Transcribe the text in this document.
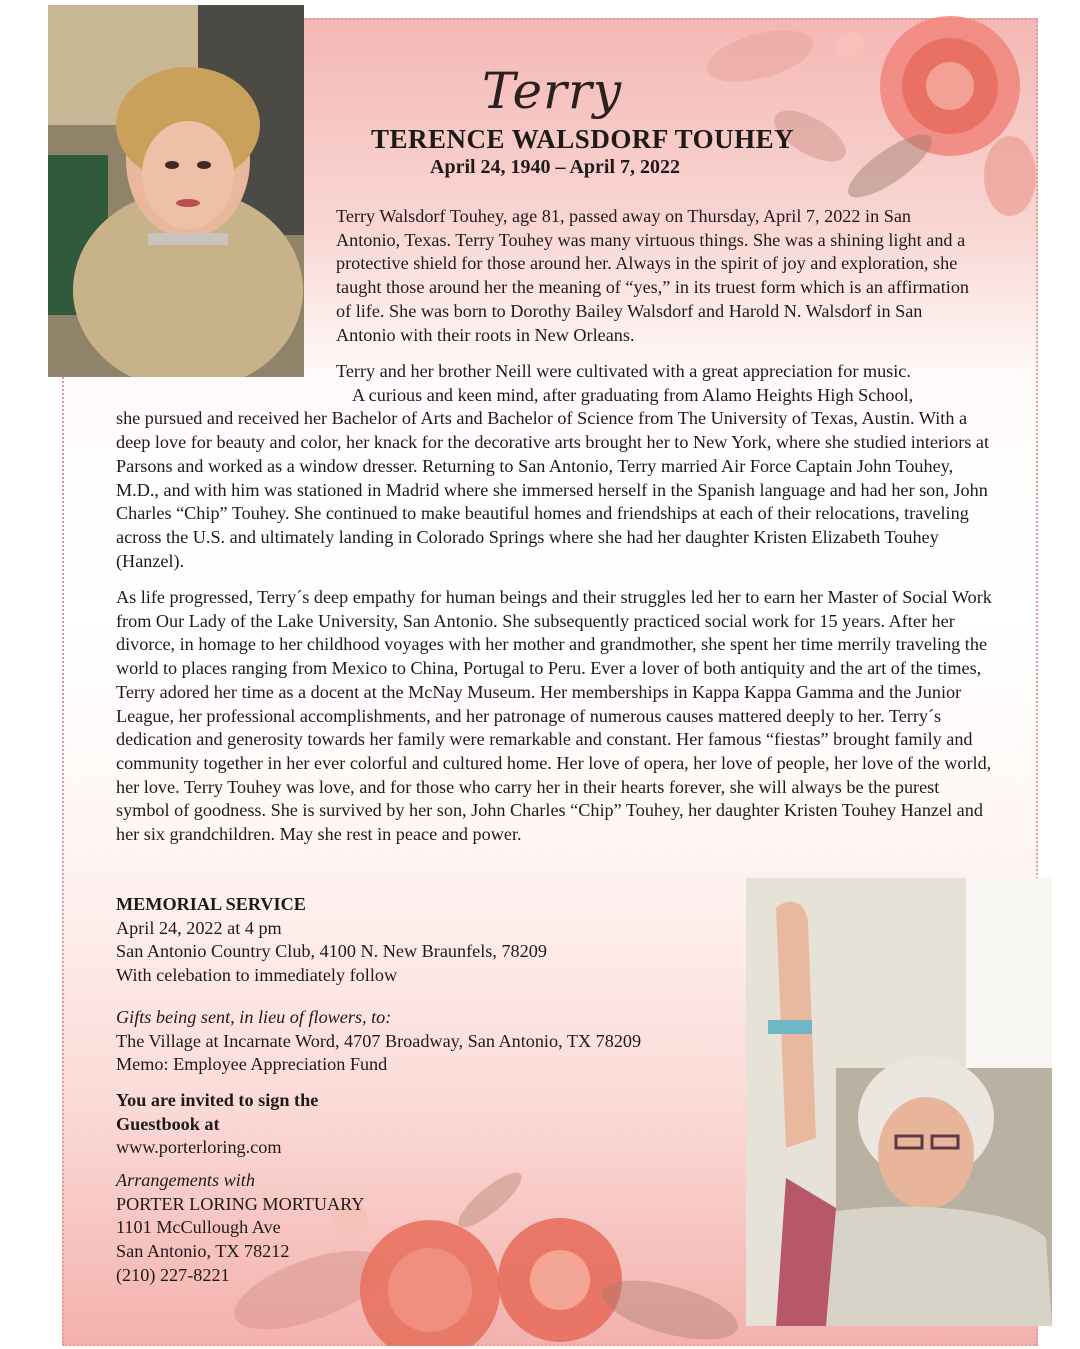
Terry
TERENCE WALSDORF TOUHEY
April 24, 1940 – April 7, 2022

Terry Walsdorf Touhey, age 81, passed away on Thursday, April 7, 2022 in San Antonio, Texas. Terry Touhey was many virtuous things. She was a shining light and a protective shield for those around her. Always in the spirit of joy and exploration, she taught those around her the meaning of “yes,” in its truest form which is an affirmation of life. She was born to Dorothy Bailey Walsdorf and Harold N. Walsdorf in San Antonio with their roots in New Orleans.

Terry and her brother Neill were cultivated with a great appreciation for music.
A curious and keen mind, after graduating from Alamo Heights High School,
she pursued and received her Bachelor of Arts and Bachelor of Science from The University of Texas, Austin. With a deep love for beauty and color, her knack for the decorative arts brought her to New York, where she studied interiors at Parsons and worked as a window dresser. Returning to San Antonio, Terry married Air Force Captain John Touhey, M.D., and with him was stationed in Madrid where she immersed herself in the Spanish language and had her son, John Charles “Chip” Touhey. She continued to make beautiful homes and friendships at each of their relocations, traveling across the U.S. and ultimately landing in Colorado Springs where she had her daughter Kristen Elizabeth Touhey (Hanzel).

As life progressed, Terry´s deep empathy for human beings and their struggles led her to earn her Master of Social Work from Our Lady of the Lake University, San Antonio. She subsequently practiced social work for 15 years. After her divorce, in homage to her childhood voyages with her mother and grandmother, she spent her time merrily traveling the world to places ranging from Mexico to China, Portugal to Peru. Ever a lover of both antiquity and the art of the times, Terry adored her time as a docent at the McNay Museum. Her memberships in Kappa Kappa Gamma and the Junior League, her professional accomplishments, and her patronage of numerous causes mattered deeply to her. Terry´s dedication and generosity towards her family were remarkable and constant. Her famous “fiestas” brought family and community together in her ever colorful and cultured home. Her love of opera, her love of people, her love of the world, her love. Terry Touhey was love, and for those who carry her in their hearts forever, she will always be the purest symbol of goodness. She is survived by her son, John Charles “Chip” Touhey, her daughter Kristen Touhey Hanzel and her six grandchildren. May she rest in peace and power.

MEMORIAL SERVICE
April 24, 2022 at 4 pm
San Antonio Country Club, 4100 N. New Braunfels, 78209
With celebation to immediately follow
Gifts being sent, in lieu of flowers, to:
The Village at Incarnate Word, 4707 Broadway, San Antonio, TX 78209
Memo: Employee Appreciation Fund
You are invited to sign the
Guestbook at
www.porterloring.com
Arrangements with
PORTER LORING MORTUARY
1101 McCullough Ave
San Antonio, TX 78212
(210) 227-8221
